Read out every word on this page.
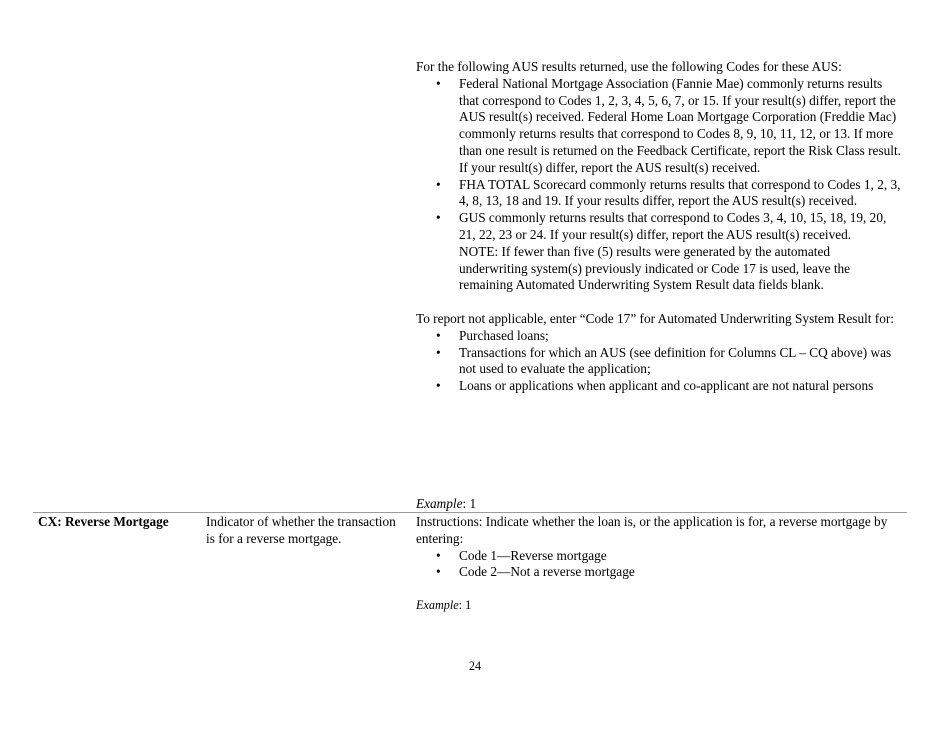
For the following AUS results returned, use the following Codes for these AUS:

• Federal National Mortgage Association (Fannie Mae) commonly returns results that correspond to Codes 1, 2, 3, 4, 5, 6, 7, or 15. If your result(s) differ, report the AUS result(s) received. Federal Home Loan Mortgage Corporation (Freddie Mac) commonly returns results that correspond to Codes 8, 9, 10, 11, 12, or 13. If more than one result is returned on the Feedback Certificate, report the Risk Class result. If your result(s) differ, report the AUS result(s) received.
• FHA TOTAL Scorecard commonly returns results that correspond to Codes 1, 2, 3, 4, 8, 13, 18 and 19. If your results differ, report the AUS result(s) received.
• GUS commonly returns results that correspond to Codes 3, 4, 10, 15, 18, 19, 20, 21, 22, 23 or 24. If your result(s) differ, report the AUS result(s) received.
NOTE: If fewer than five (5) results were generated by the automated underwriting system(s) previously indicated or Code 17 is used, leave the remaining Automated Underwriting System Result data fields blank.

To report not applicable, enter “Code 17” for Automated Underwriting System Result for:

• Purchased loans;
• Transactions for which an AUS (see definition for Columns CL – CQ above) was not used to evaluate the application;
• Loans or applications when applicant and co-applicant are not natural persons
Example: 1
CX: Reverse Mortgage	Indicator of whether the transaction is for a reverse mortgage.

Instructions: Indicate whether the loan is, or the application is for, a reverse mortgage by entering:

• Code 1—Reverse mortgage
• Code 2—Not a reverse mortgage
Example: 1
24
